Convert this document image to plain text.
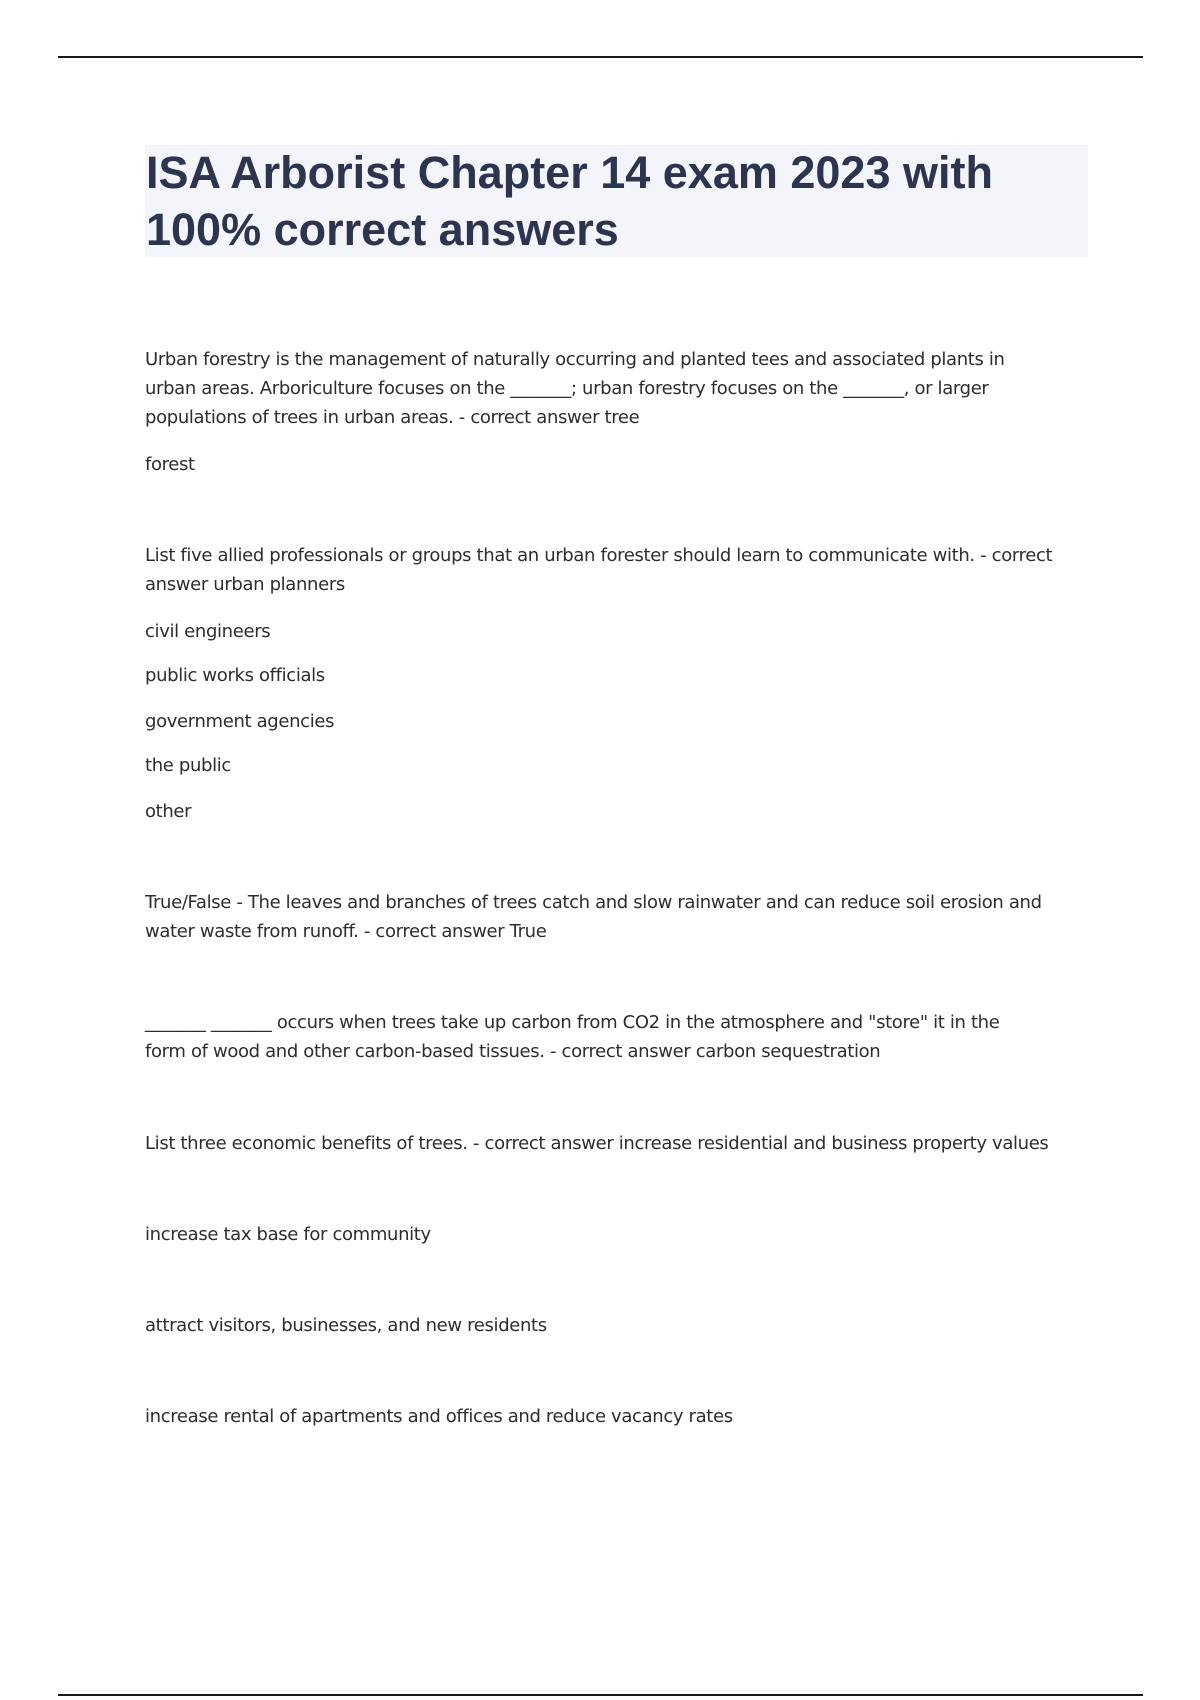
ISA Arborist Chapter 14 exam 2023 with 100% correct answers

Urban forestry is the management of naturally occurring and planted tees and associated plants in

urban areas. Arboriculture focuses on the _______; urban forestry focuses on the _______, or larger

populations of trees in urban areas. - correct answer tree

forest

List five allied professionals or groups that an urban forester should learn to communicate with. - correct

answer urban planners

civil engineers

public works officials

government agencies

the public

other

True/False - The leaves and branches of trees catch and slow rainwater and can reduce soil erosion and

water waste from runoff. - correct answer True

_______ _______ occurs when trees take up carbon from CO2 in the atmosphere and "store" it in the

form of wood and other carbon-based tissues. - correct answer carbon sequestration

List three economic benefits of trees. - correct answer increase residential and business property values

increase tax base for community

attract visitors, businesses, and new residents

increase rental of apartments and offices and reduce vacancy rates
